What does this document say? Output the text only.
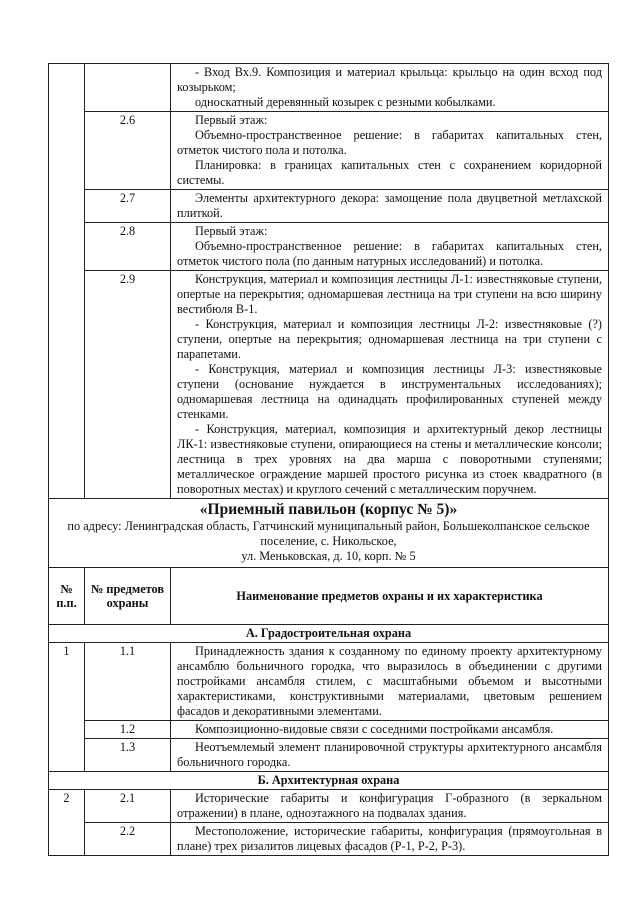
		- Вход Вх.9. Композиция и материал крыльца: крыльцо на один всход под козырьком;

односкатный деревянный козырек с резными кобылками.

	2.6	Первый этаж:

Объемно-пространственное решение: в габаритах капитальных стен, отметок чистого пола и потолка.

Планировка: в границах капитальных стен с сохранением коридорной системы.

	2.7	Элементы архитектурного декора: замощение пола двуцветной метлахской плиткой.

	2.8	Первый этаж:

Объемно-пространственное решение: в габаритах капитальных стен, отметок чистого пола (по данным натурных исследований) и потолка.

	2.9	Конструкция, материал и композиция лестницы Л-1: известняковые ступени, опертые на перекрытия; одномаршевая лестница на три ступени на всю ширину вестибюля В-1.

- Конструкция, материал и композиция лестницы Л-2: известняковые (?) ступени, опертые на перекрытия; одномаршевая лестница на три ступени с парапетами.

- Конструкция, материал и композиция лестницы Л-3: известняковые ступени (основание нуждается в инструментальных исследованиях); одномаршевая лестница на одинадцать профилированных ступеней между стенками.

- Конструкция, материал, композиция и архитектурный декор лестницы ЛК-1: известняковые ступени, опирающиеся на стены и металлические консоли; лестница в трех уровнях на два марша с поворотными ступенями; металлическое ограждение маршей простого рисунка из стоек квадратного (в поворотных местах) и круглого сечений с металлическим поручнем.

«Приемный павильон (корпус № 5)»
по адресу: Ленинградская область, Гатчинский муниципальный район, Большеколпанское сельское
поселение, с. Никольское,
ул. Меньковская, д. 10, корп. № 5		

№ п.п.	№ предметов охраны	Наименование предметов охраны и их характеристика
А. Градостроительная охрана		
1	1.1	Принадлежность здания к созданному по единому проекту архитектурному ансамблю больничного городка, что выразилось в объединении с другими постройками ансамбля стилем, с масштабными объемом и высотными характеристиками, конструктивными материалами, цветовым решением фасадов и декоративными элементами.

	1.2	Композиционно-видовые связи с соседними постройками ансамбля.

	1.3	Неотъемлемый элемент планировочной структуры архитектурного ансамбля больничного городка.

Б. Архитектурная охрана		
2	2.1	Исторические габариты и конфигурация Г-образного (в зеркальном отражении) в плане, одноэтажного на подвалах здания.

	2.2	Местоположение, исторические габариты, конфигурация (прямоугольная в плане) трех ризалитов лицевых фасадов (Р-1, Р-2, Р-3).
